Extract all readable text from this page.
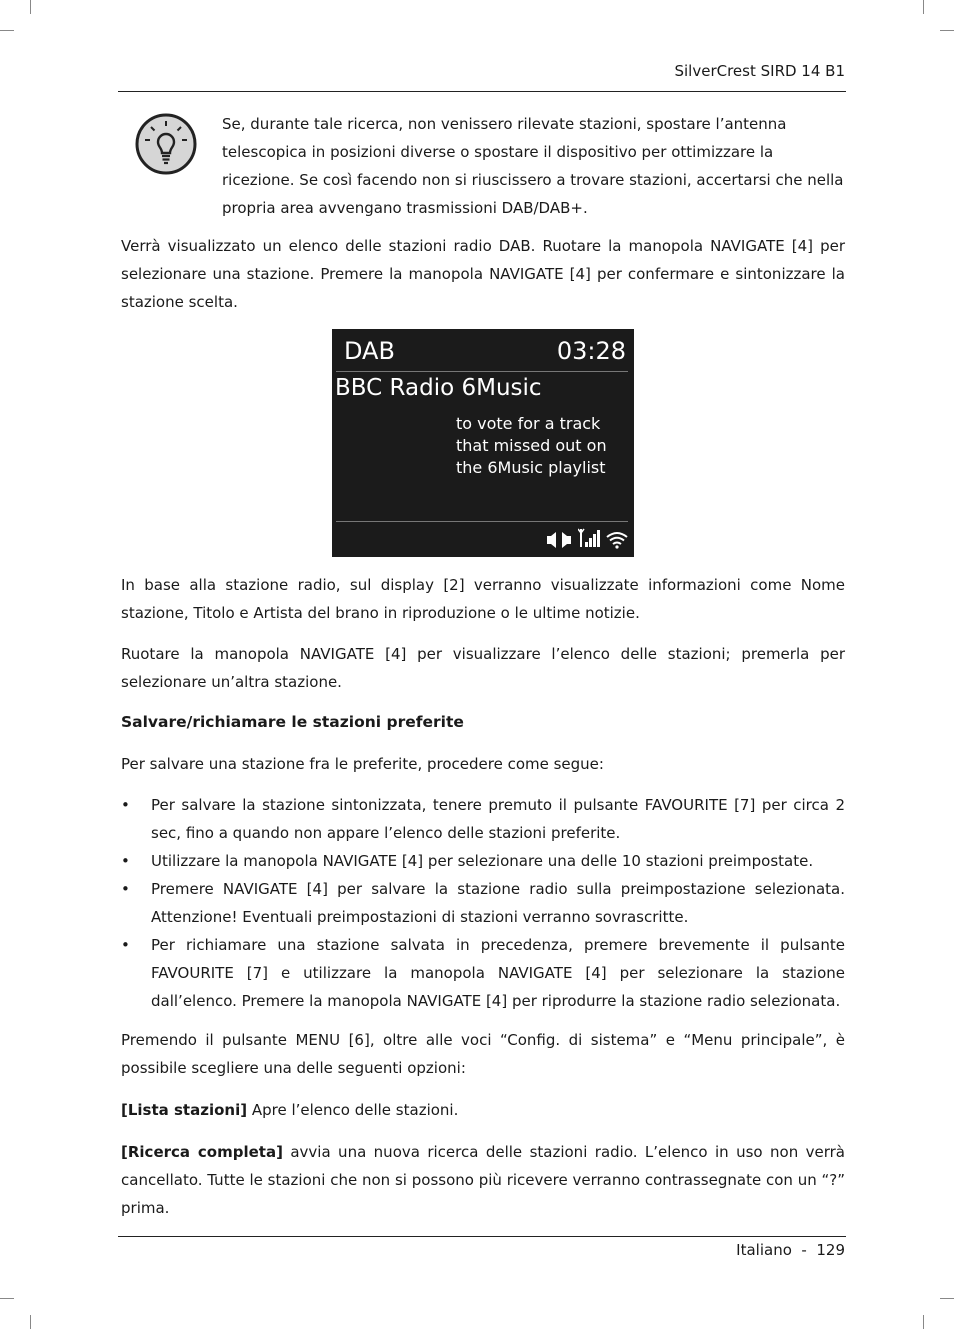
SilverCrest SIRD 14 B1
Se, durante tale ricerca, non venissero rilevate stazioni, spostare l’antenna telescopica in posizioni diverse o spostare il dispositivo per ottimizzare la ricezione. Se così facendo non si riuscissero a trovare stazioni, accertarsi che nella propria area avvengano trasmissioni DAB/DAB+.
Verrà visualizzato un elenco delle stazioni radio DAB. Ruotare la manopola NAVIGATE [4] per selezionare una stazione. Premere la manopola NAVIGATE [4] per confermare e sintonizzare la stazione scelta.
DAB	03:28
BBC Radio 6Music
to vote for a track
that missed out on
the 6Music playlist
In base alla stazione radio, sul display [2] verranno visualizzate informazioni come Nome stazione, Titolo e Artista del brano in riproduzione o le ultime notizie.
Ruotare la manopola NAVIGATE [4] per visualizzare l’elenco delle stazioni; premerla per selezionare un’altra stazione.
Salvare/richiamare le stazioni preferite
Per salvare una stazione fra le preferite, procedere come segue:
• Per salvare la stazione sintonizzata, tenere premuto il pulsante FAVOURITE [7] per circa 2 sec, fino a quando non appare l’elenco delle stazioni preferite.
• Utilizzare la manopola NAVIGATE [4] per selezionare una delle 10 stazioni preimpostate.
• Premere NAVIGATE [4] per salvare la stazione radio sulla preimpostazione selezionata. Attenzione! Eventuali preimpostazioni di stazioni verranno sovrascritte.
• Per richiamare una stazione salvata in precedenza, premere brevemente il pulsante FAVOURITE [7] e utilizzare la manopola NAVIGATE [4] per selezionare la stazione dall’elenco. Premere la manopola NAVIGATE [4] per riprodurre la stazione radio selezionata.
Premendo il pulsante MENU [6], oltre alle voci “Config. di sistema” e “Menu principale”, è possibile scegliere una delle seguenti opzioni:
[Lista stazioni] Apre l’elenco delle stazioni.
[Ricerca completa] avvia una nuova ricerca delle stazioni radio. L’elenco in uso non verrà cancellato. Tutte le stazioni che non si possono più ricevere verranno contrassegnate con un “?” prima.
Italiano  -  129
